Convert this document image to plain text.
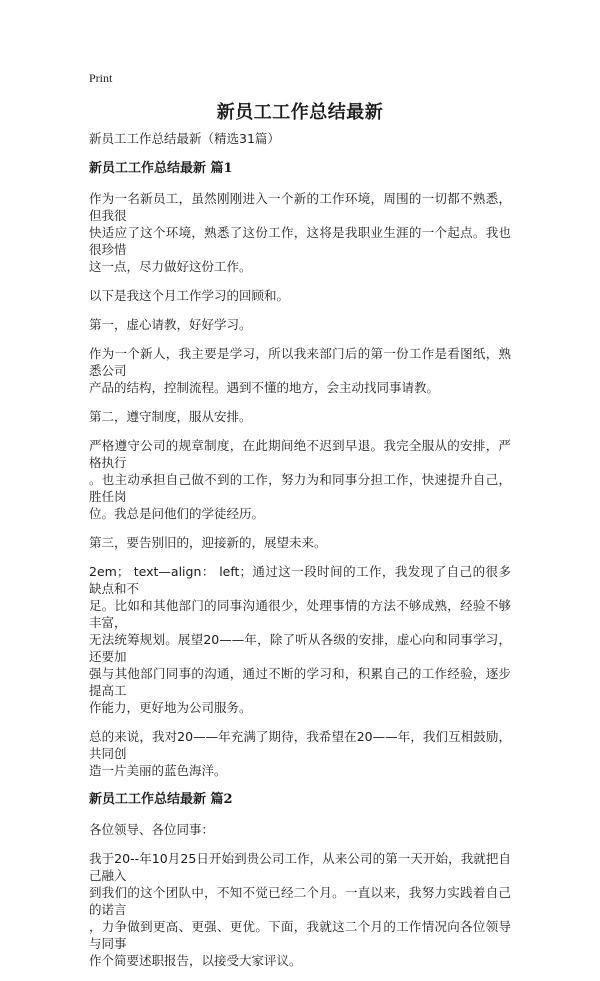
Print
新员工工作总结最新
新员工工作总结最新（精选31篇）
新员工工作总结最新 篇1
作为一名新员工，虽然刚刚进入一个新的工作环境，周围的一切都不熟悉，但我很
快适应了这个环境，熟悉了这份工作，这将是我职业生涯的一个起点。我也很珍惜
这一点，尽力做好这份工作。
以下是我这个月工作学习的回顾和。
第一，虚心请教，好好学习。
作为一个新人，我主要是学习，所以我来部门后的第一份工作是看图纸，熟悉公司
产品的结构，控制流程。遇到不懂的地方，会主动找同事请教。
第二，遵守制度，服从安排。
严格遵守公司的规章制度，在此期间绝不迟到早退。我完全服从的安排，严格执行
。也主动承担自己做不到的工作，努力为和同事分担工作，快速提升自己，胜任岗
位。我总是问他们的学徒经历。
第三，要告别旧的，迎接新的，展望未来。
2em； text—align： left；通过这一段时间的工作，我发现了自己的很多缺点和不
足。比如和其他部门的同事沟通很少，处理事情的方法不够成熟，经验不够丰富，
无法统筹规划。展望20——年，除了听从各级的安排，虚心向和同事学习，还要加
强与其他部门同事的沟通，通过不断的学习和，积累自己的工作经验，逐步提高工
作能力，更好地为公司服务。
总的来说，我对20——年充满了期待，我希望在20——年，我们互相鼓励，共同创
造一片美丽的蓝色海洋。
新员工工作总结最新 篇2
各位领导、各位同事：
我于20--年10月25日开始到贵公司工作，从来公司的第一天开始，我就把自己融入
到我们的这个团队中，不知不觉已经二个月。一直以来，我努力实践着自己的诺言
，力争做到更高、更强、更优。下面，我就这二个月的工作情况向各位领导与同事
作个简要述职报告，以接受大家评议。
